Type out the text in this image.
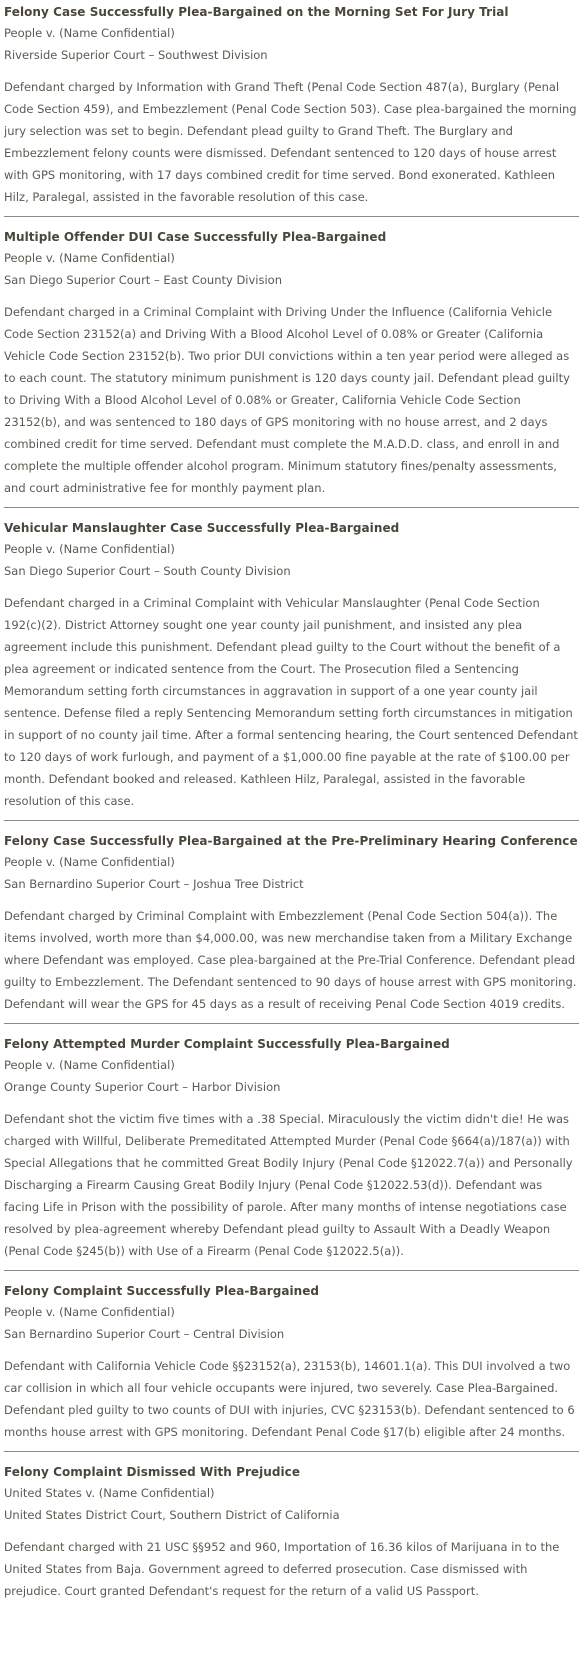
Felony Case Successfully Plea-Bargained on the Morning Set For Jury Trial

People v. (Name Confidential)

Riverside Superior Court – Southwest Division

Defendant charged by Information with Grand Theft (Penal Code Section 487(a), Burglary (Penal Code Section 459), and Embezzlement (Penal Code Section 503). Case plea-bargained the morning jury selection was set to begin. Defendant plead guilty to Grand Theft. The Burglary and Embezzlement felony counts were dismissed. Defendant sentenced to 120 days of house arrest with GPS monitoring, with 17 days combined credit for time served. Bond exonerated. Kathleen Hilz, Paralegal, assisted in the favorable resolution of this case.

Multiple Offender DUI Case Successfully Plea-Bargained

People v. (Name Confidential)

San Diego Superior Court – East County Division

Defendant charged in a Criminal Complaint with Driving Under the Influence (California Vehicle Code Section 23152(a) and Driving With a Blood Alcohol Level of 0.08% or Greater (California Vehicle Code Section 23152(b). Two prior DUI convictions within a ten year period were alleged as to each count. The statutory minimum punishment is 120 days county jail. Defendant plead guilty to Driving With a Blood Alcohol Level of 0.08% or Greater, California Vehicle Code Section 23152(b), and was sentenced to 180 days of GPS monitoring with no house arrest, and 2 days combined credit for time served. Defendant must complete the M.A.D.D. class, and enroll in and complete the multiple offender alcohol program. Minimum statutory fines/penalty assessments, and court administrative fee for monthly payment plan.

Vehicular Manslaughter Case Successfully Plea-Bargained

People v. (Name Confidential)

San Diego Superior Court – South County Division

Defendant charged in a Criminal Complaint with Vehicular Manslaughter (Penal Code Section 192(c)(2). District Attorney sought one year county jail punishment, and insisted any plea agreement include this punishment. Defendant plead guilty to the Court without the benefit of a plea agreement or indicated sentence from the Court. The Prosecution filed a Sentencing Memorandum setting forth circumstances in aggravation in support of a one year county jail sentence. Defense filed a reply Sentencing Memorandum setting forth circumstances in mitigation in support of no county jail time. After a formal sentencing hearing, the Court sentenced Defendant to 120 days of work furlough, and payment of a $1,000.00 fine payable at the rate of $100.00 per month. Defendant booked and released. Kathleen Hilz, Paralegal, assisted in the favorable resolution of this case.

Felony Case Successfully Plea-Bargained at the Pre-Preliminary Hearing Conference

People v. (Name Confidential)

San Bernardino Superior Court – Joshua Tree District

Defendant charged by Criminal Complaint with Embezzlement (Penal Code Section 504(a)). The items involved, worth more than $4,000.00, was new merchandise taken from a Military Exchange where Defendant was employed. Case plea-bargained at the Pre-Trial Conference. Defendant plead guilty to Embezzlement. The Defendant sentenced to 90 days of house arrest with GPS monitoring. Defendant will wear the GPS for 45 days as a result of receiving Penal Code Section 4019 credits.

Felony Attempted Murder Complaint Successfully Plea-Bargained

People v. (Name Confidential)

Orange County Superior Court – Harbor Division

Defendant shot the victim five times with a .38 Special. Miraculously the victim didn't die! He was charged with Willful, Deliberate Premeditated Attempted Murder (Penal Code §664(a)/187(a)) with Special Allegations that he committed Great Bodily Injury (Penal Code §12022.7(a)) and Personally Discharging a Firearm Causing Great Bodily Injury (Penal Code §12022.53(d)). Defendant was facing Life in Prison with the possibility of parole. After many months of intense negotiations case resolved by plea-agreement whereby Defendant plead guilty to Assault With a Deadly Weapon (Penal Code §245(b)) with Use of a Firearm (Penal Code §12022.5(a)).

Felony Complaint Successfully Plea-Bargained

People v. (Name Confidential)

San Bernardino Superior Court – Central Division

Defendant with California Vehicle Code §§23152(a), 23153(b), 14601.1(a). This DUI involved a two car collision in which all four vehicle occupants were injured, two severely. Case Plea-Bargained. Defendant pled guilty to two counts of DUI with injuries, CVC §23153(b). Defendant sentenced to 6 months house arrest with GPS monitoring. Defendant Penal Code §17(b) eligible after 24 months.

Felony Complaint Dismissed With Prejudice

United States v. (Name Confidential)

United States District Court, Southern District of California

Defendant charged with 21 USC §§952 and 960, Importation of 16.36 kilos of Marijuana in to the United States from Baja. Government agreed to deferred prosecution. Case dismissed with prejudice. Court granted Defendant's request for the return of a valid US Passport.
